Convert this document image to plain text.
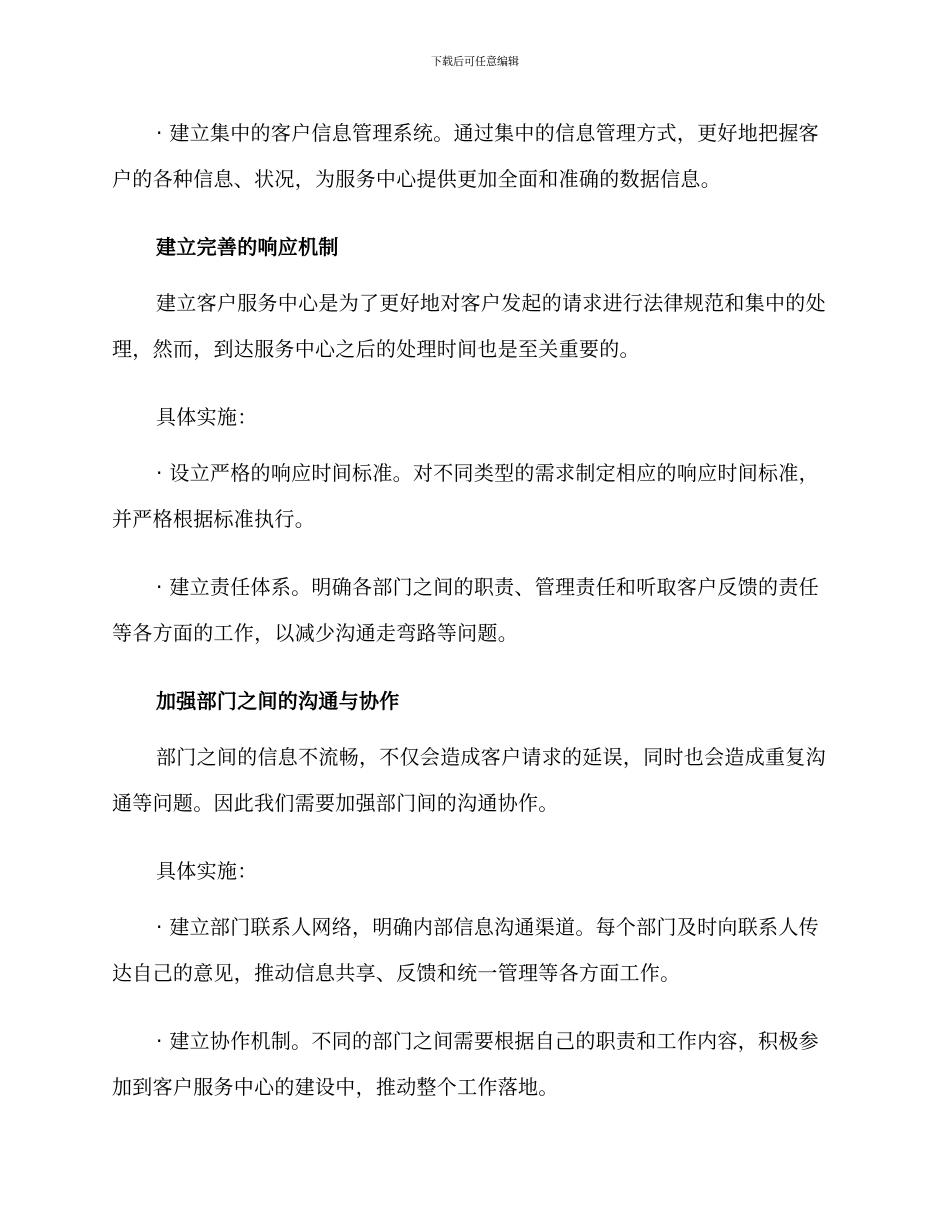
下载后可任意编辑

· 建立集中的客户信息管理系统。通过集中的信息管理方式，更好地把握客户的各种信息、状况，为服务中心提供更加全面和准确的数据信息。

建立完善的响应机制

建立客户服务中心是为了更好地对客户发起的请求进行法律规范和集中的处理，然而，到达服务中心之后的处理时间也是至关重要的。

具体实施：

· 设立严格的响应时间标准。对不同类型的需求制定相应的响应时间标准，并严格根据标准执行。

· 建立责任体系。明确各部门之间的职责、管理责任和听取客户反馈的责任等各方面的工作，以减少沟通走弯路等问题。

加强部门之间的沟通与协作

部门之间的信息不流畅，不仅会造成客户请求的延误，同时也会造成重复沟通等问题。因此我们需要加强部门间的沟通协作。

具体实施：

· 建立部门联系人网络，明确内部信息沟通渠道。每个部门及时向联系人传达自己的意见，推动信息共享、反馈和统一管理等各方面工作。

· 建立协作机制。不同的部门之间需要根据自己的职责和工作内容，积极参加到客户服务中心的建设中，推动整个工作落地。
